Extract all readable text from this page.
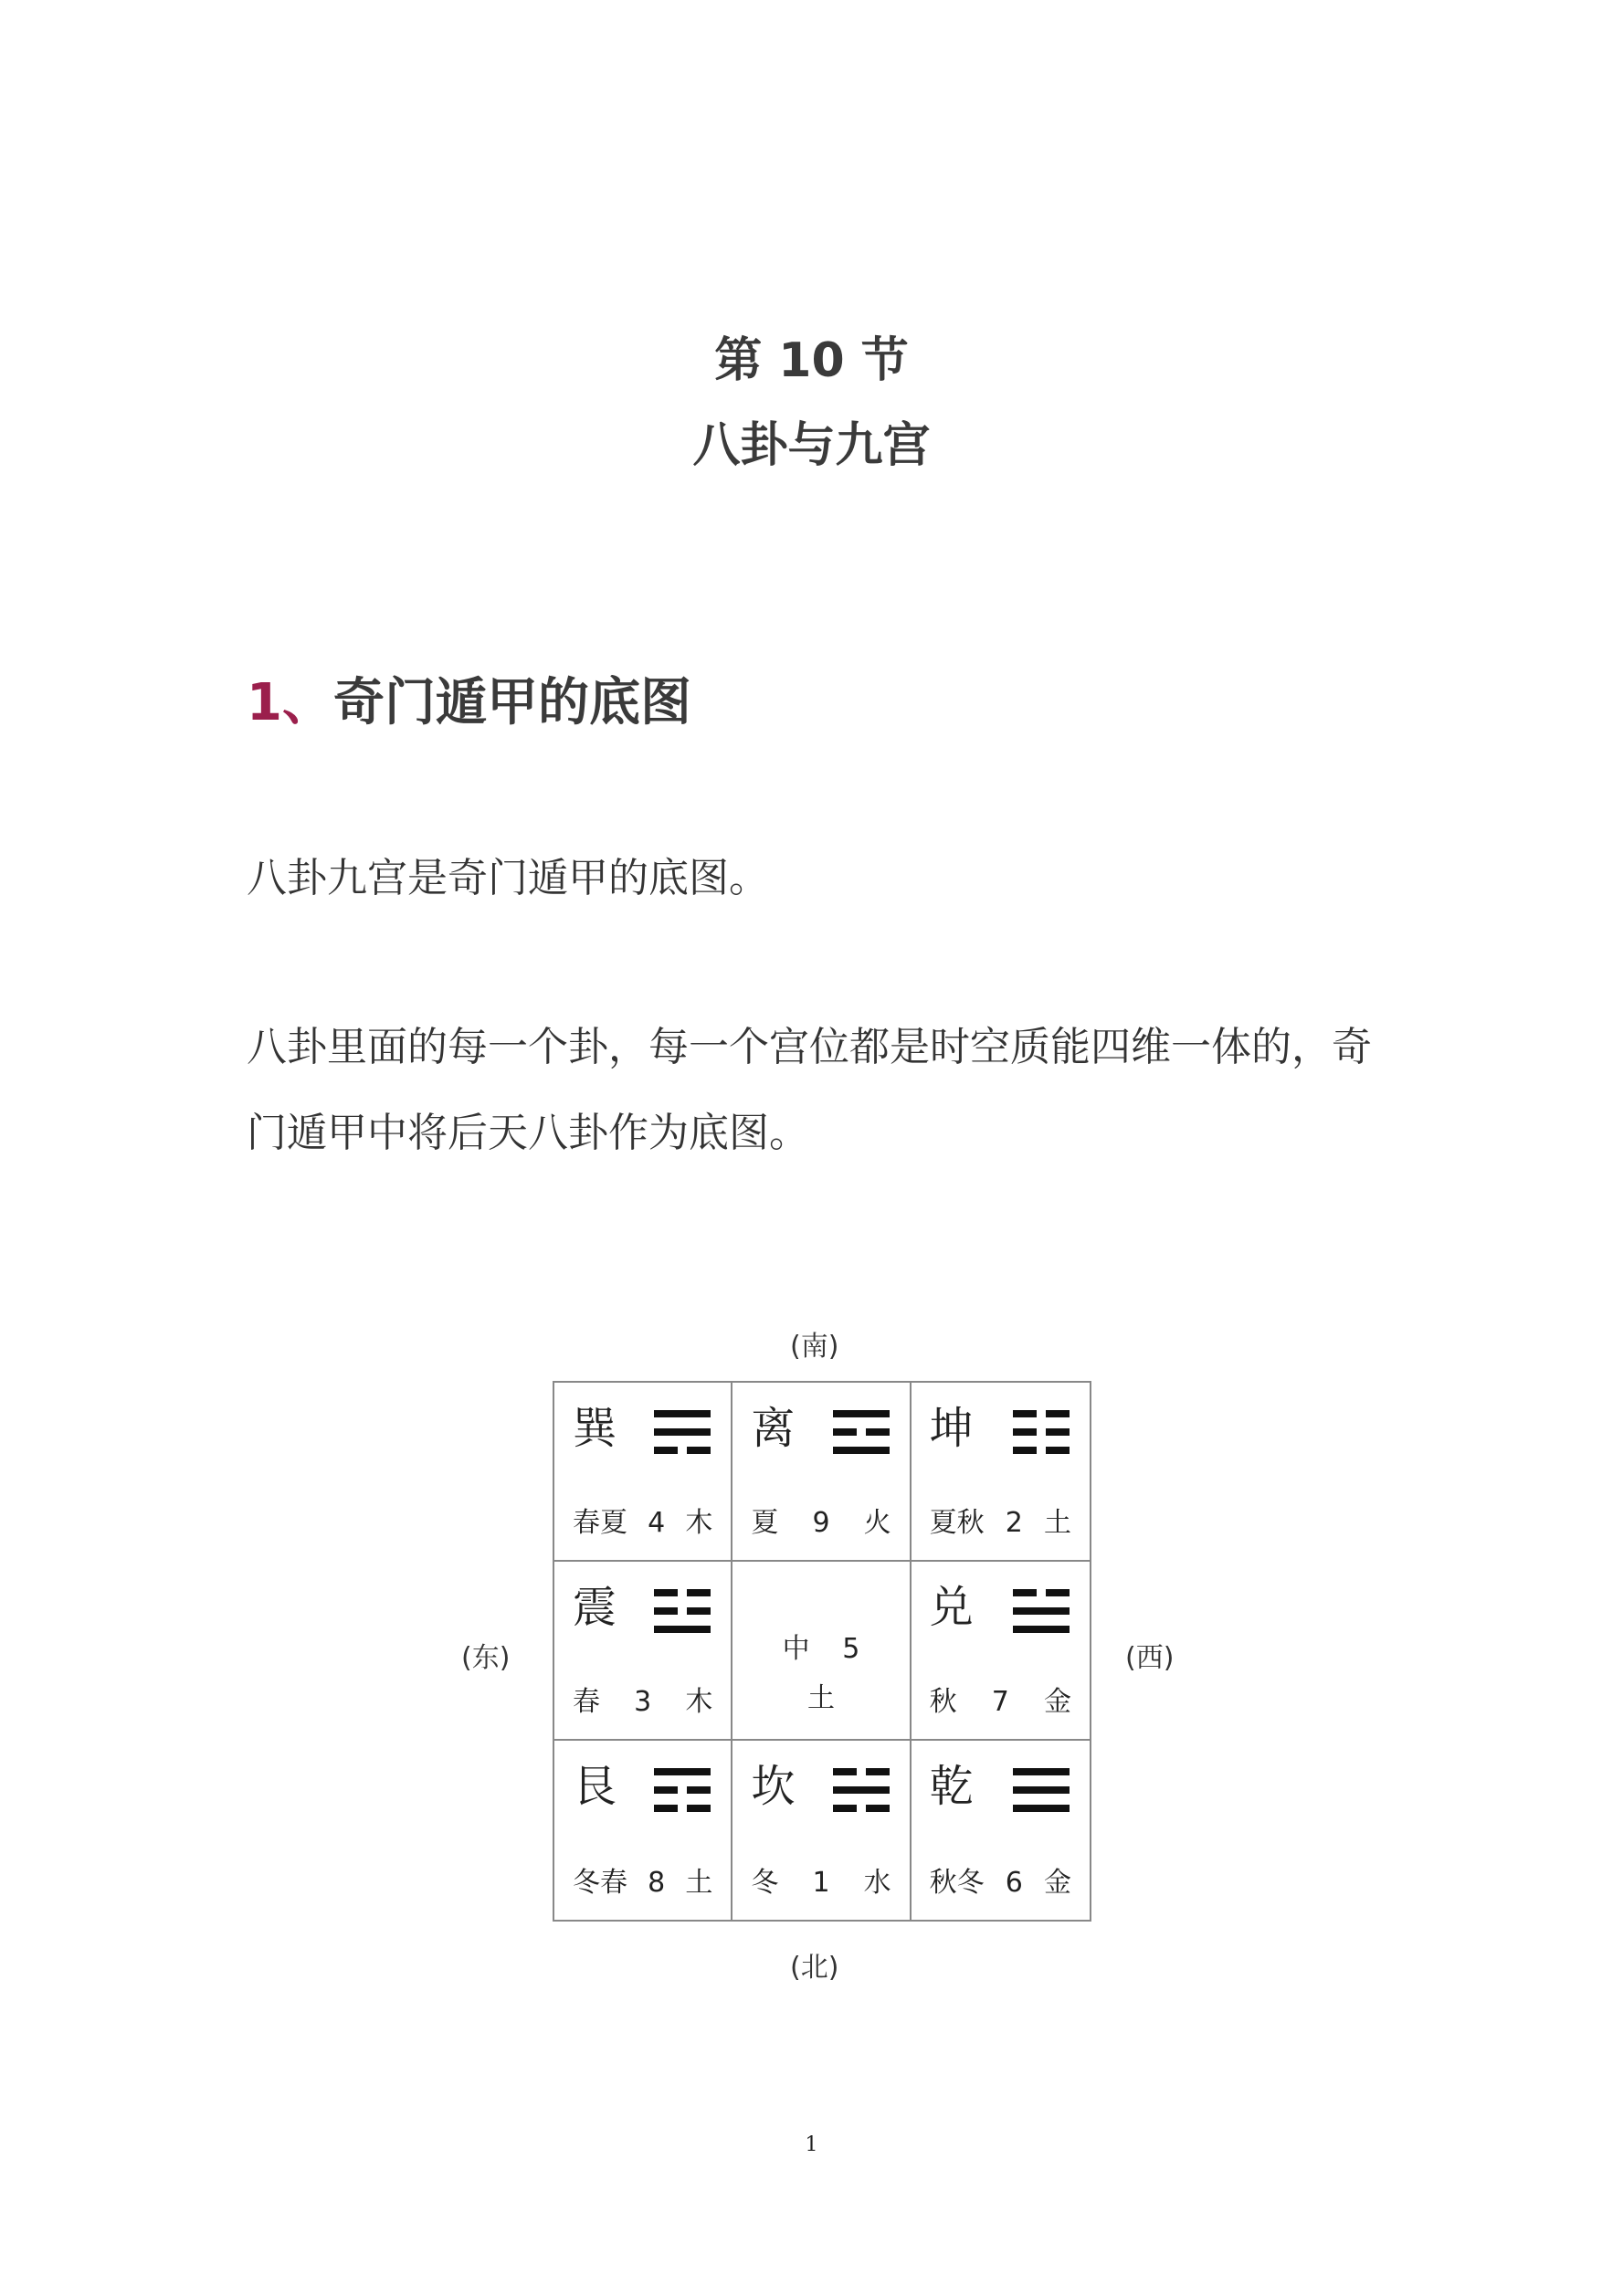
第 10 节
八卦与九宫
1、奇门遁甲的底图
八卦九宫是奇门遁甲的底图。
八卦里面的每一个卦，每一个宫位都是时空质能四维一体的，奇门遁甲中将后天八卦作为底图。
(南)
(北)
(东)	(西)
巽
春夏 4 木
离
夏 9 火
坤
夏秋 2 土
震
春 3 木
中 5
土
兑
秋 7 金
艮
冬春 8 土
坎
冬 1 水
乾
秋冬 6 金
1
